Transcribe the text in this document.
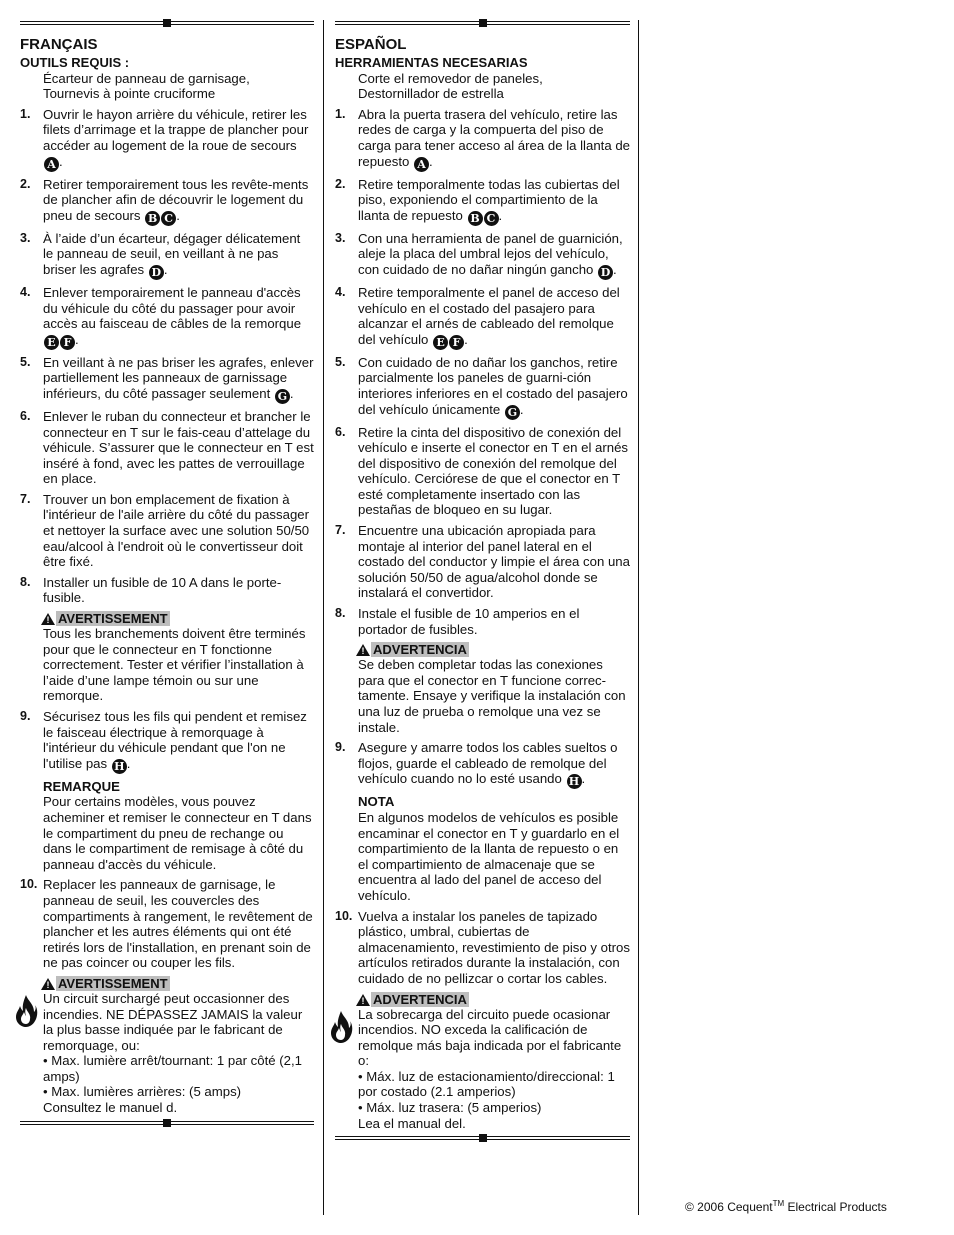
FRANÇAIS
OUTILS REQUIS :
Écarteur de panneau de garnisage,
Tournevis à pointe cruciforme
1. Ouvrir le hayon arrière du véhicule, retirer les filets d’arrimage et la trappe de plancher pour accéder au logement de la roue de secours A .
2. Retirer temporairement tous les revête-ments de plancher afin de découvrir le logement du pneu de secours B C .
3. À l’aide d’un écarteur, dégager délicatement le panneau de seuil, en veillant à ne pas briser les agrafes D .
4. Enlever temporairement le panneau d'accès du véhicule du côté du passager pour avoir accès au faisceau de câbles de la remorque E F .
5. En veillant à ne pas briser les agrafes, enlever partiellement les panneaux de garnissage inférieurs, du côté passager seulement G .
6. Enlever le ruban du connecteur et brancher le connecteur en T sur le fais-ceau d’attelage du véhicule. S’assurer que le connecteur en T est inséré à fond, avec les pattes de verrouillage en place.
7. Trouver un bon emplacement de fixation à l'intérieur de l'aile arrière du côté du passager et nettoyer la surface avec une solution 50/50 eau/alcool à l'endroit où le convertisseur doit être fixé.
8. Installer un fusible de 10 A dans le porte-fusible.
! AVERTISSEMENT
Tous les branchements doivent être terminés pour que le connecteur en T fonctionne correctement. Tester et vérifier l’installation à l’aide d’une lampe témoin ou sur une remorque.
9. Sécurisez tous les fils qui pendent et remisez le faisceau électrique à remorquage à l'intérieur du véhicule pendant que l'on ne l'utilise pas H .
REMARQUE
Pour certains modèles, vous pouvez acheminer et remiser le connecteur en T dans le compartiment du pneu de rechange ou dans le compartiment de remisage à côté du panneau d'accès du véhicule.
10. Replacer les panneaux de garnisage, le panneau de seuil, les couvercles des compartiments à rangement, le revêtement de plancher et les autres éléments qui ont été retirés lors de l'installation, en prenant soin de ne pas coincer ou couper les fils.
! AVERTISSEMENT
Un circuit surchargé peut occasionner des incendies. NE DÉPASSEZ JAMAIS la valeur la plus basse indiquée par le fabricant de remorquage, ou:
• Max. lumière arrêt/tournant: 1 par côté (2,1 amps)
• Max. lumières arrières: (5 amps)
Consultez le manuel d.
ESPAÑOL
HERRAMIENTAS NECESARIAS
Corte el removedor de paneles,
Destornillador de estrella
1. Abra la puerta trasera del vehículo, retire las redes de carga y la compuerta del piso de carga para tener acceso al área de la llanta de repuesto A .
2. Retire temporalmente todas las cubiertas del piso, exponiendo el compartimiento de la llanta de repuesto B C .
3. Con una herramienta de panel de guarnición, aleje la placa del umbral lejos del vehículo, con cuidado de no dañar ningún gancho D .
4. Retire temporalmente el panel de acceso del vehículo en el costado del pasajero para alcanzar el arnés de cableado del remolque del vehículo E F .
5. Con cuidado de no dañar los ganchos, retire parcialmente los paneles de guarni-ción interiores inferiores en el costado del pasajero del vehículo únicamente G .
6. Retire la cinta del dispositivo de conexión del vehículo e inserte el conector en T en el arnés del dispositivo de conexión del remolque del vehículo. Cerciórese de que el conector en T esté completamente insertado con las pestañas de bloqueo en su lugar.
7. Encuentre una ubicación apropiada para montaje al interior del panel lateral en el costado del conductor y limpie el área con una solución 50/50 de agua/alcohol donde se instalará el convertidor.
8. Instale el fusible de 10 amperios en el portador de fusibles.
! ADVERTENCIA
Se deben completar todas las conexiones para que el conector en T funcione correc-tamente. Ensaye y verifique la instalación con una luz de prueba o remolque una vez se instale.
9. Asegure y amarre todos los cables sueltos o flojos, guarde el cableado de remolque del vehículo cuando no lo esté usando H .
NOTA
En algunos modelos de vehículos es posible encaminar el conector en T y guardarlo en el compartimiento de la llanta de repuesto o en el compartimiento de almacenaje que se encuentra al lado del panel de acceso del vehículo.
10. Vuelva a instalar los paneles de tapizado plástico, umbral, cubiertas de almacenamiento, revestimiento de piso y otros artículos retirados durante la instalación, con cuidado de no pellizcar o cortar los cables.
! ADVERTENCIA
La sobrecarga del circuito puede ocasionar incendios. NO exceda la calificación de remolque más baja indicada por el fabricante o:
• Máx. luz de estacionamiento/direccional: 1 por costado (2.1 amperios)
• Máx. luz trasera: (5 amperios)
Lea el manual del.
© 2006 Cequent™ Electrical Products
